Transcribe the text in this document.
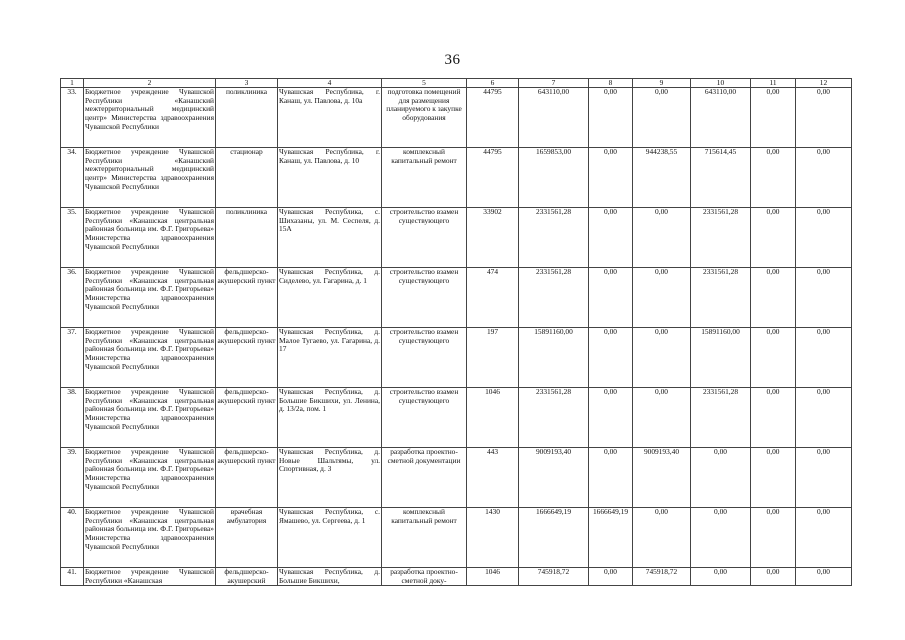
36
1	2	3	4	5	6	7	8	9	10	11	12
33.	Бюджетное учреждение Чувашской Республики «Канашский межтерриториальный медицинский центр» Министерства здравоохранения Чувашской Республики	поликлиника	Чувашская Республика, г. Канаш, ул. Павлова, д. 10а	подготовка помещений для размещения планируемого к закупке оборудования	44795	643110,00	0,00	0,00	643110,00	0,00	0,00
34.	Бюджетное учреждение Чувашской Республики «Канашский межтерриториальный медицинский центр» Министерства здравоохранения Чувашской Республики	стационар	Чувашская Республика, г. Канаш, ул. Павлова, д. 10	комплексный капитальный ремонт	44795	1659853,00	0,00	944238,55	715614,45	0,00	0,00
35.	Бюджетное учреждение Чувашской Республики «Канашская центральная районная больница им. Ф.Г. Григорьева» Министерства здравоохранения Чувашской Республики	поликлиника	Чувашская Республика, с. Шихазаны, ул. М. Сеспеля, д. 15А	строительство взамен существующего	33902	2331561,28	0,00	0,00	2331561,28	0,00	0,00
36.	Бюджетное учреждение Чувашской Республики «Канашская центральная районная больница им. Ф.Г. Григорьева» Министерства здравоохранения Чувашской Республики	фельдшерско-акушерский пункт	Чувашская Республика, д. Сиделево, ул. Гагарина, д. 1	строительство взамен существующего	474	2331561,28	0,00	0,00	2331561,28	0,00	0,00
37.	Бюджетное учреждение Чувашской Республики «Канашская центральная районная больница им. Ф.Г. Григорьева» Министерства здравоохранения Чувашской Республики	фельдшерско-акушерский пункт	Чувашская Республика, д. Малое Тугаево, ул. Гагарина, д. 17	строительство взамен существующего	197	15891160,00	0,00	0,00	15891160,00	0,00	0,00
38.	Бюджетное учреждение Чувашской Республики «Канашская центральная районная больница им. Ф.Г. Григорьева» Министерства здравоохранения Чувашской Республики	фельдшерско-акушерский пункт	Чувашская Республика, д. Большие Бикшихи, ул. Ленина, д. 13/2а, пом. 1	строительство взамен существующего	1046	2331561,28	0,00	0,00	2331561,28	0,00	0,00
39.	Бюджетное учреждение Чувашской Республики «Канашская центральная районная больница им. Ф.Г. Григорьева» Министерства здравоохранения Чувашской Республики	фельдшерско-акушерский пункт	Чувашская Республика, д. Новые Шальтямы, ул. Спортивная, д. 3	разработка проектно-сметной документации	443	9009193,40	0,00	9009193,40	0,00	0,00	0,00
40.	Бюджетное учреждение Чувашской Республики «Канашская центральная районная больница им. Ф.Г. Григорьева» Министерства здравоохранения Чувашской Республики	врачебная амбулатория	Чувашская Республика, с. Ямашево, ул. Сергеева, д. 1	комплексный капитальный ремонт	1430	1666649,19	1666649,19	0,00	0,00	0,00	0,00
41.	Бюджетное учреждение Чувашской Республики «Канашская	фельдшерско-акушерский	Чувашская Республика, д. Большие Бикшихи,	разработка проектно-сметной доку-	1046	745918,72	0,00	745918,72	0,00	0,00	0,00
